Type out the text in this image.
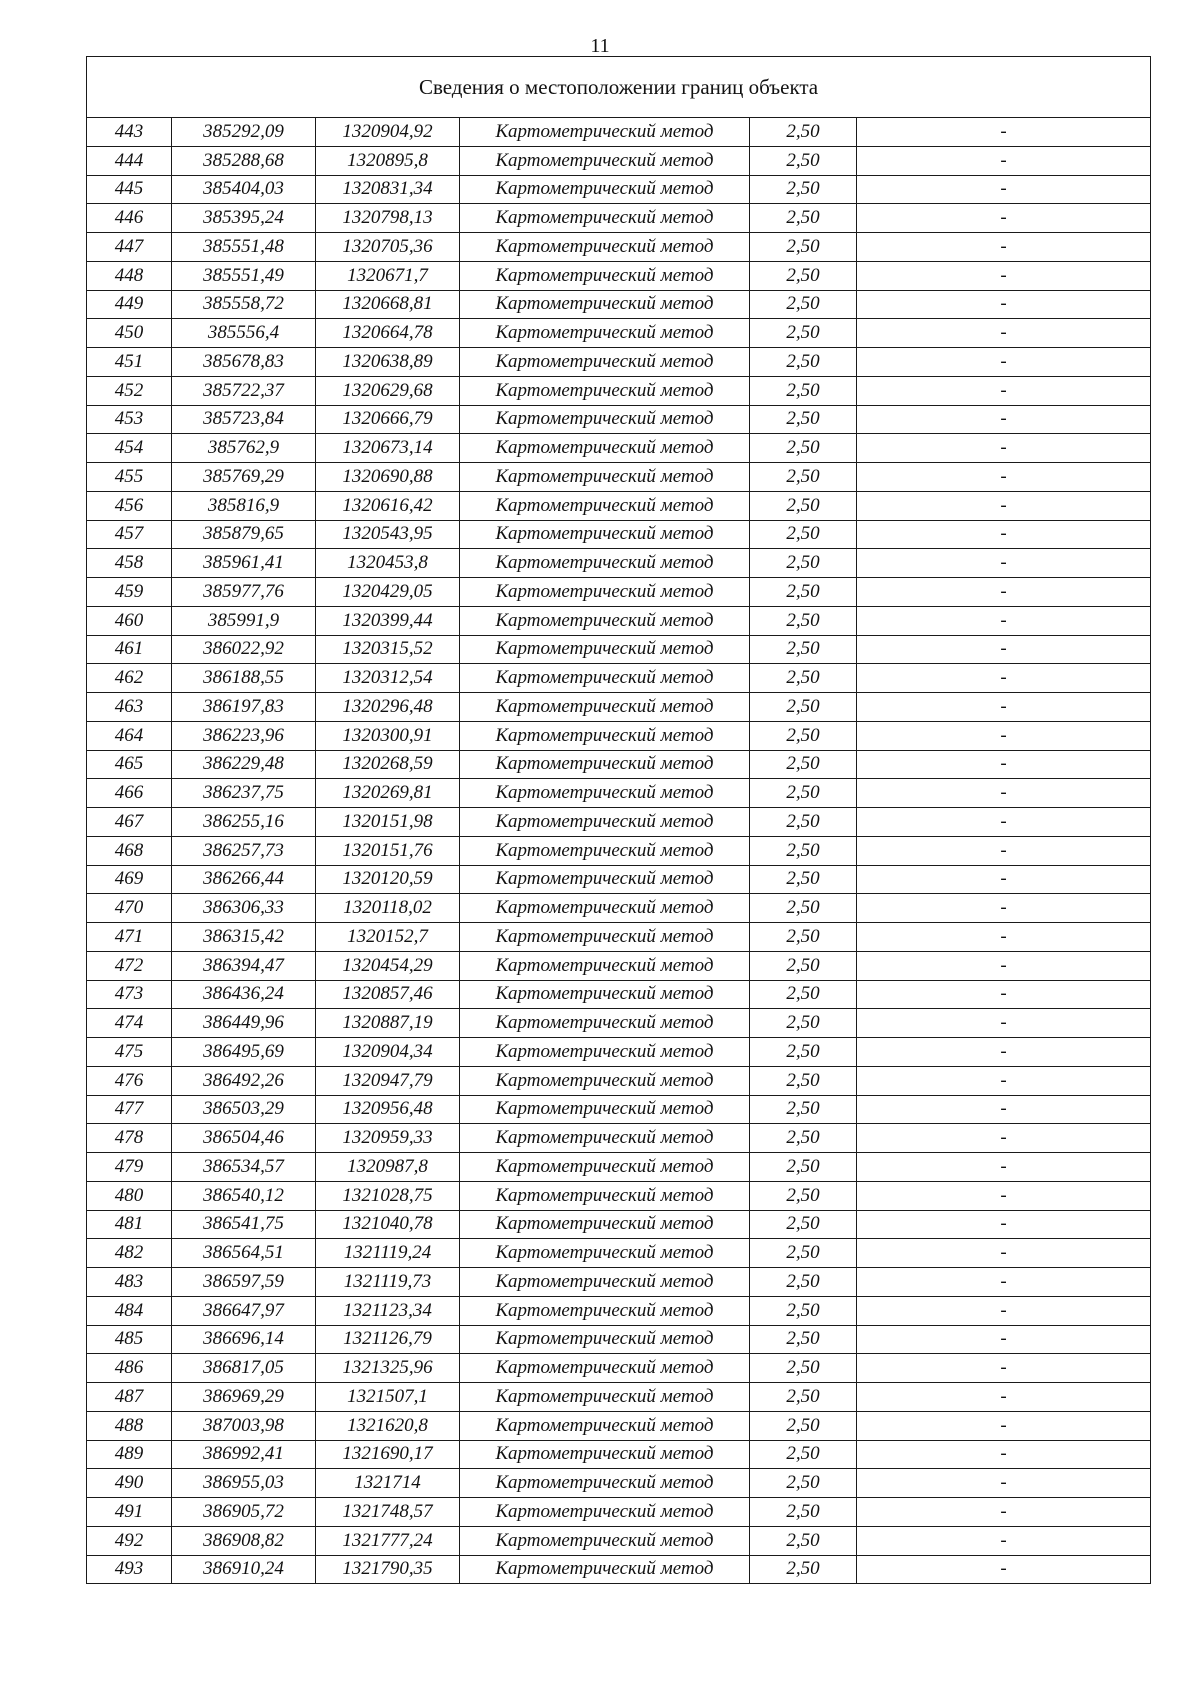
11
Сведения о местоположении границ объекта					
443	385292,09	1320904,92	Картометрический метод	2,50	-
444	385288,68	1320895,8	Картометрический метод	2,50	-
445	385404,03	1320831,34	Картометрический метод	2,50	-
446	385395,24	1320798,13	Картометрический метод	2,50	-
447	385551,48	1320705,36	Картометрический метод	2,50	-
448	385551,49	1320671,7	Картометрический метод	2,50	-
449	385558,72	1320668,81	Картометрический метод	2,50	-
450	385556,4	1320664,78	Картометрический метод	2,50	-
451	385678,83	1320638,89	Картометрический метод	2,50	-
452	385722,37	1320629,68	Картометрический метод	2,50	-
453	385723,84	1320666,79	Картометрический метод	2,50	-
454	385762,9	1320673,14	Картометрический метод	2,50	-
455	385769,29	1320690,88	Картометрический метод	2,50	-
456	385816,9	1320616,42	Картометрический метод	2,50	-
457	385879,65	1320543,95	Картометрический метод	2,50	-
458	385961,41	1320453,8	Картометрический метод	2,50	-
459	385977,76	1320429,05	Картометрический метод	2,50	-
460	385991,9	1320399,44	Картометрический метод	2,50	-
461	386022,92	1320315,52	Картометрический метод	2,50	-
462	386188,55	1320312,54	Картометрический метод	2,50	-
463	386197,83	1320296,48	Картометрический метод	2,50	-
464	386223,96	1320300,91	Картометрический метод	2,50	-
465	386229,48	1320268,59	Картометрический метод	2,50	-
466	386237,75	1320269,81	Картометрический метод	2,50	-
467	386255,16	1320151,98	Картометрический метод	2,50	-
468	386257,73	1320151,76	Картометрический метод	2,50	-
469	386266,44	1320120,59	Картометрический метод	2,50	-
470	386306,33	1320118,02	Картометрический метод	2,50	-
471	386315,42	1320152,7	Картометрический метод	2,50	-
472	386394,47	1320454,29	Картометрический метод	2,50	-
473	386436,24	1320857,46	Картометрический метод	2,50	-
474	386449,96	1320887,19	Картометрический метод	2,50	-
475	386495,69	1320904,34	Картометрический метод	2,50	-
476	386492,26	1320947,79	Картометрический метод	2,50	-
477	386503,29	1320956,48	Картометрический метод	2,50	-
478	386504,46	1320959,33	Картометрический метод	2,50	-
479	386534,57	1320987,8	Картометрический метод	2,50	-
480	386540,12	1321028,75	Картометрический метод	2,50	-
481	386541,75	1321040,78	Картометрический метод	2,50	-
482	386564,51	1321119,24	Картометрический метод	2,50	-
483	386597,59	1321119,73	Картометрический метод	2,50	-
484	386647,97	1321123,34	Картометрический метод	2,50	-
485	386696,14	1321126,79	Картометрический метод	2,50	-
486	386817,05	1321325,96	Картометрический метод	2,50	-
487	386969,29	1321507,1	Картометрический метод	2,50	-
488	387003,98	1321620,8	Картометрический метод	2,50	-
489	386992,41	1321690,17	Картометрический метод	2,50	-
490	386955,03	1321714	Картометрический метод	2,50	-
491	386905,72	1321748,57	Картометрический метод	2,50	-
492	386908,82	1321777,24	Картометрический метод	2,50	-
493	386910,24	1321790,35	Картометрический метод	2,50	-
